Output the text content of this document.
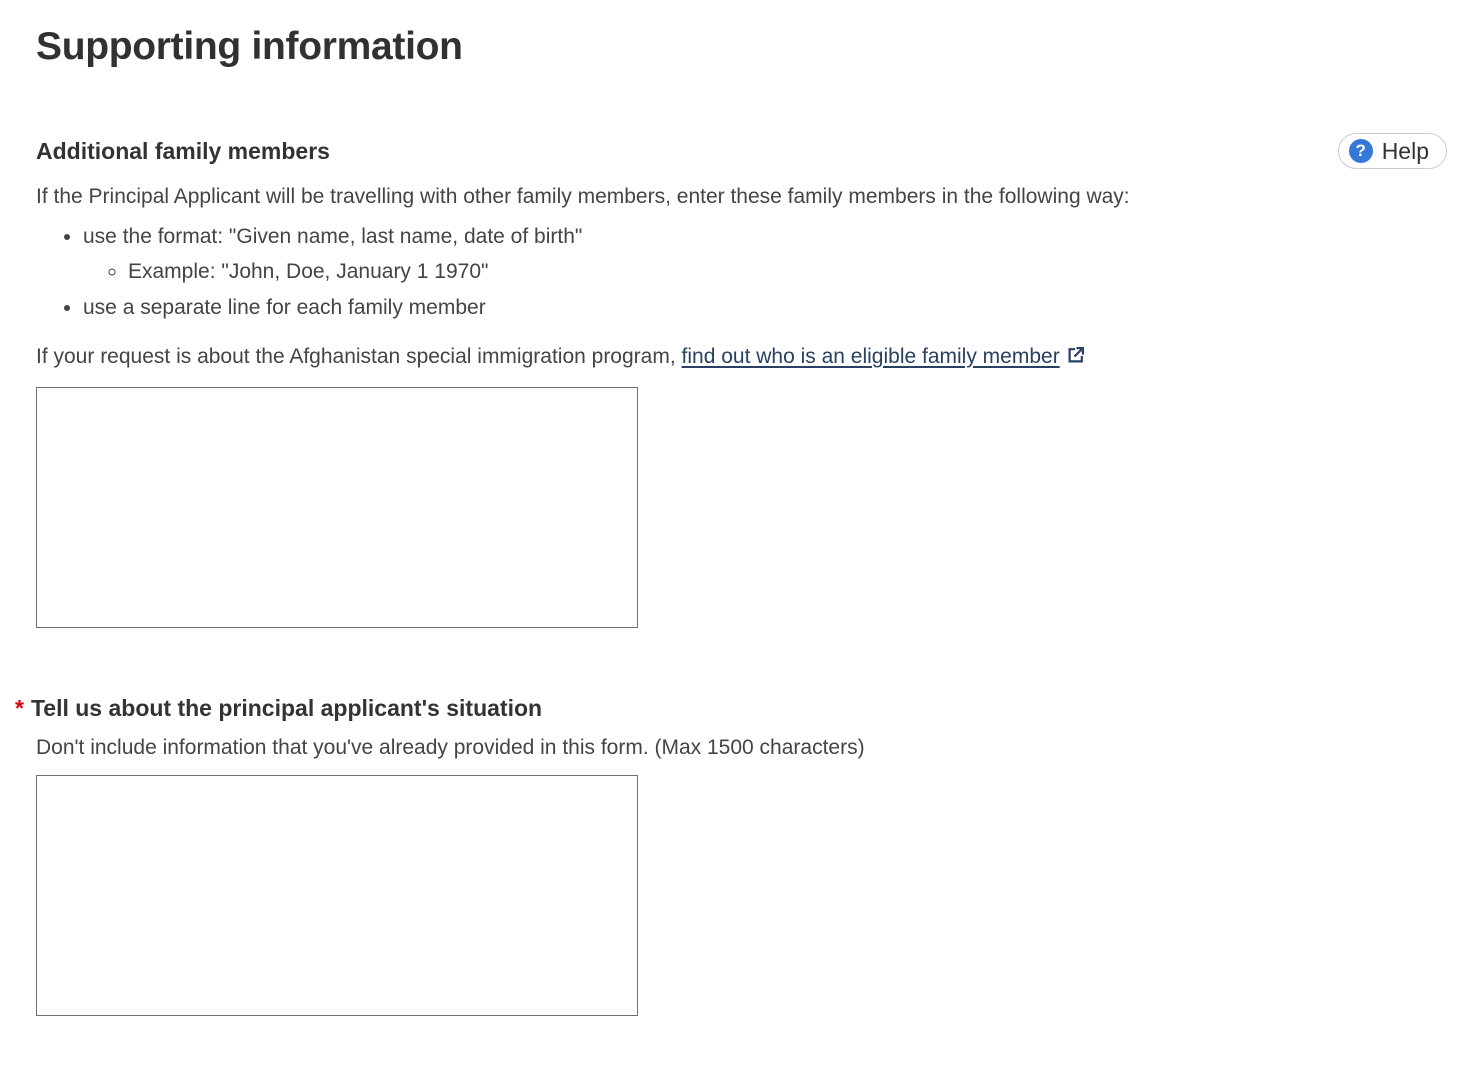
Supporting information
Additional family members	? Help

If the Principal Applicant will be travelling with other family members, enter these family members in the following way:

• use the format: "Given name, last name, date of birth"
◦ Example: "John, Doe, January 1 1970"
• use a separate line for each family member

If your request is about the Afghanistan special immigration program, find out who is an eligible family member

* Tell us about the principal applicant's situation

Don't include information that you've already provided in this form. (Max 1500 characters)
